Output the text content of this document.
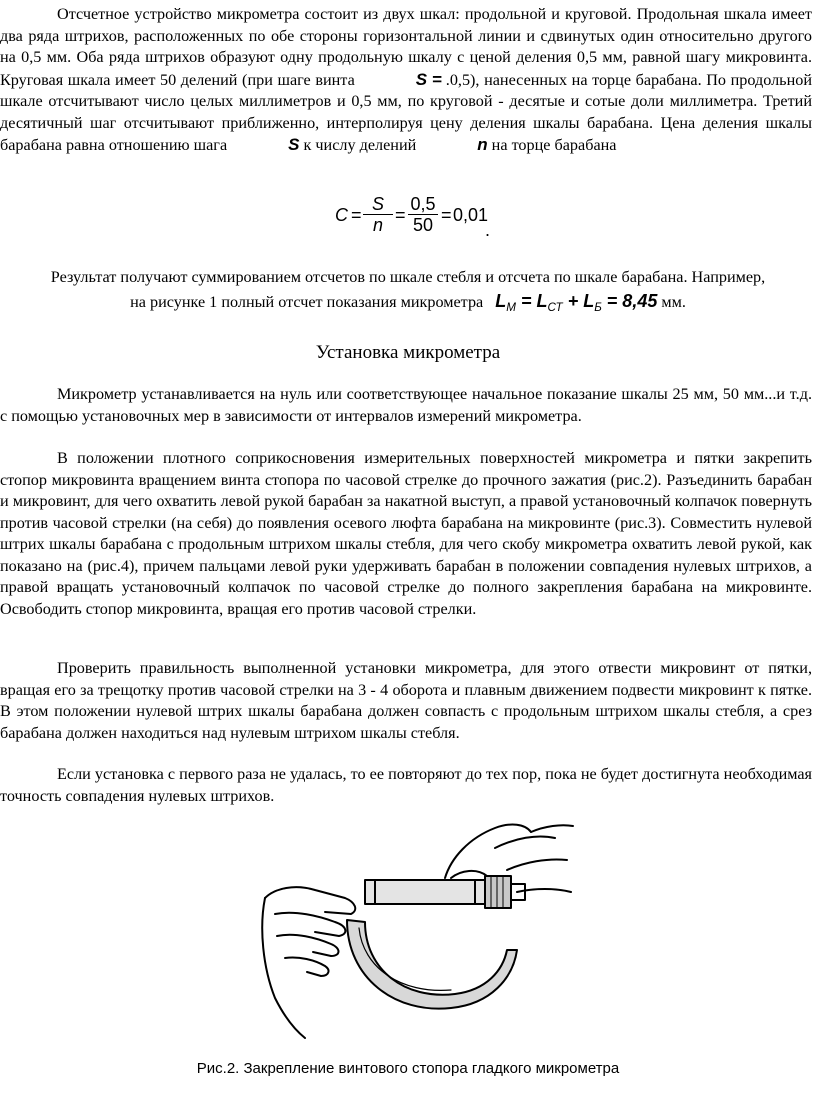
Отсчетное устройство микрометра состоит из двух шкал: продольной и круговой. Продольная шкала имеет два ряда штрихов, расположенных по обе стороны горизонтальной линии и сдвинутых один относительно другого на 0,5 мм. Оба ряда штрихов образуют одну продольную шкалу с ценой деления 0,5 мм, равной шагу микровинта. Круговая шкала имеет 50 делений (при шаге винта	S = .0,5), нанесенных на торце барабана. По продольной шкале отсчитывают число целых миллиметров и 0,5 мм, по круговой - десятые и сотые доли миллиметра. Третий десятичный шаг отсчитывают приближенно, интерполируя цену деления шкалы барабана. Цена деления шкалы барабана равна отношению шага	S к числу делений	n на торце барабана

$C = \frac{S}{n} = \frac{0,5}{50} = 0,01$
.
Результат получают суммированием отсчетов по шкале стебля и отсчета по шкале барабана. Например,
на рисунке 1 полный отсчет показания микрометра $L_М = L_{СТ} + L_Б = 8,45$ мм.
Установка микрометра

Микрометр устанавливается на нуль или соответствующее начальное показание шкалы 25 мм, 50 мм...и т.д. с помощью установочных мер в зависимости от интервалов измерений микрометра.

В положении плотного соприкосновения измерительных поверхностей микрометра и пятки закрепить стопор микровинта вращением винта стопора по часовой стрелке до прочного зажатия (рис.2). Разъединить барабан и микровинт, для чего охватить левой рукой барабан за накатной выступ, а правой установочный колпачок повернуть против часовой стрелки (на себя) до появления осевого люфта барабана на микровинте (рис.3). Совместить нулевой штрих шкалы барабана с продольным штрихом шкалы стебля, для чего скобу микрометра охватить левой рукой, как показано на (рис.4), причем пальцами левой руки удерживать барабан в положении совпадения нулевых штрихов, а правой вращать установочный колпачок по часовой стрелке до полного закрепления барабана на микровинте. Освободить стопор микровинта, вращая его против часовой стрелки.

Проверить правильность выполненной установки микрометра, для этого отвести микровинт от пятки, вращая его за трещотку против часовой стрелки на 3 - 4 оборота и плавным движением подвести микровинт к пятке. В этом положении нулевой штрих шкалы барабана должен совпасть с продольным штрихом шкалы стебля, а срез барабана должен находиться над нулевым штрихом шкалы стебля.

Если установка с первого раза не удалась, то ее повторяют до тех пор, пока не будет достигнута необходимая точность совпадения нулевых штрихов.

Рис.2. Закрепление винтового стопора гладкого микрометра
